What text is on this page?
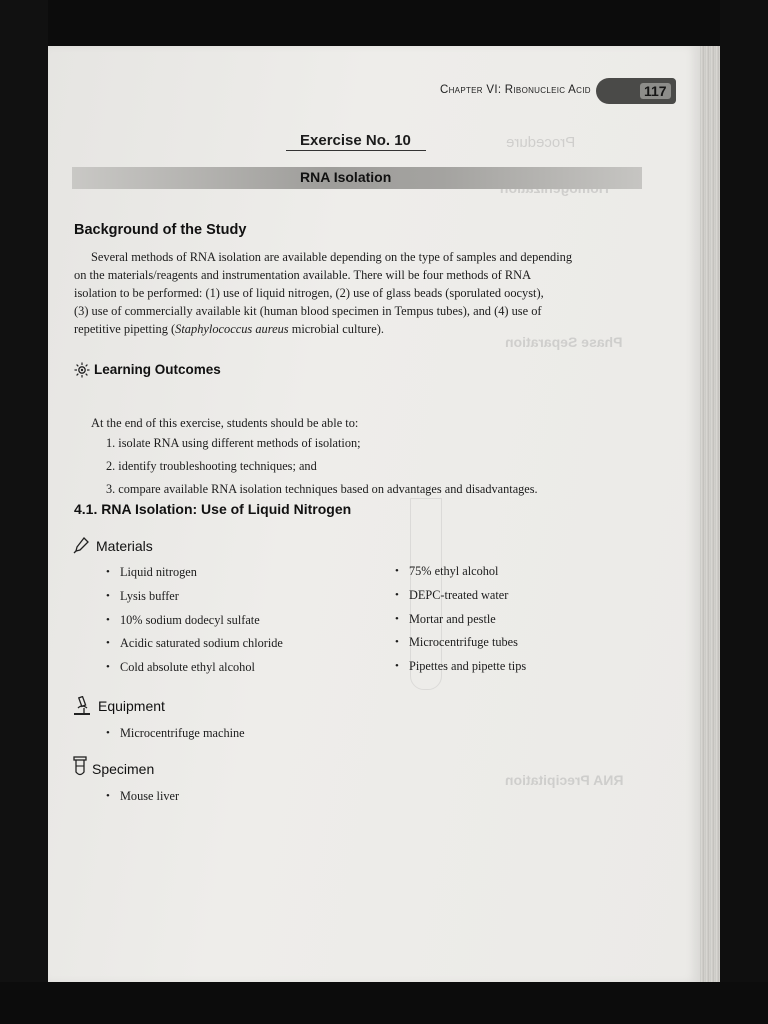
Procedure
Phase Separation
RNA Precipitation
Chapter VI: Ribonucleic Acid	117
Exercise No. 10
RNA Isolation
Background of the Study
Several methods of RNA isolation are available depending on the type of samples and depending
on the materials/reagents and instrumentation available. There will be four methods of RNA
isolation to be performed: (1) use of liquid nitrogen, (2) use of glass beads (sporulated oocyst),
(3) use of commercially available kit (human blood specimen in Tempus tubes), and (4) use of
repetitive pipetting (Staphylococcus aureus microbial culture).
Learning Outcomes
At the end of this exercise, students should be able to:
1. isolate RNA using different methods of isolation;
2. identify troubleshooting techniques; and
3. compare available RNA isolation techniques based on advantages and disadvantages.
4.1. RNA Isolation: Use of Liquid Nitrogen
Materials
• Liquid nitrogen
• Lysis buffer
• 10% sodium dodecyl sulfate
• Acidic saturated sodium chloride
• Cold absolute ethyl alcohol
• 75% ethyl alcohol
• DEPC-treated water
• Mortar and pestle
• Microcentrifuge tubes
• Pipettes and pipette tips
Equipment
• Microcentrifuge machine
Specimen
• Mouse liver
